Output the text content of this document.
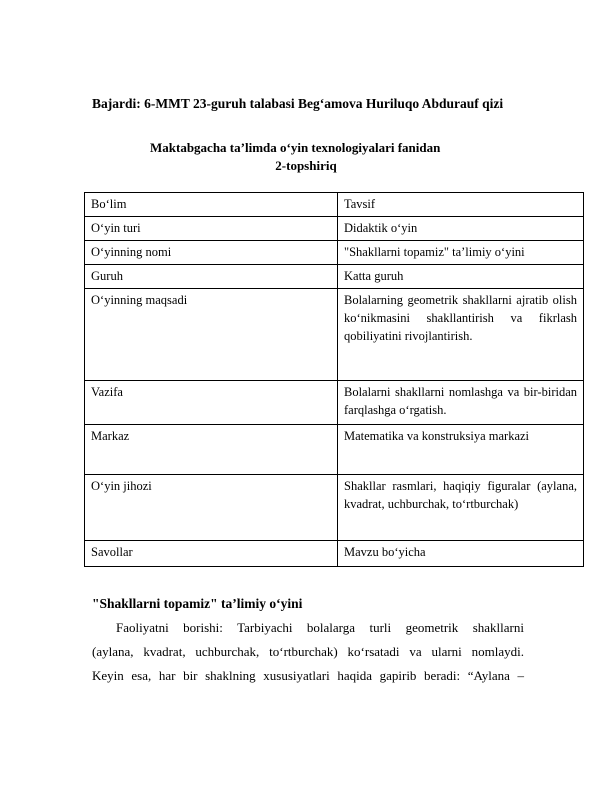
Bajardi: 6-MMT 23-guruh talabasi Beg‘amova Huriluqo Abdurauf qizi
Maktabgacha ta’limda o‘yin texnologiyalari fanidan
2-topshiriq
Bo‘lim	Tavsif
O‘yin turi	Didaktik o‘yin
O‘yinning nomi	"Shakllarni topamiz" ta’limiy o‘yini
Guruh	Katta guruh
O‘yinning maqsadi	Bolalarning geometrik shakllarni ajratib olish ko‘nikmasini shakllantirish va fikrlash qobiliyatini rivojlantirish.
Vazifa	Bolalarni shakllarni nomlashga va bir-biridan farqlashga o‘rgatish.
Markaz	Matematika va konstruksiya markazi
O‘yin jihozi	Shakllar rasmlari, haqiqiy figuralar (aylana, kvadrat, uchburchak, to‘rtburchak)
Savollar	Mavzu bo‘yicha
"Shakllarni topamiz" ta’limiy o‘yini
Faoliyatni borishi: Tarbiyachi bolalarga turli geometrik shakllarni
(aylana, kvadrat, uchburchak, to‘rtburchak) ko‘rsatadi va ularni nomlaydi.
Keyin esa, har bir shaklning xususiyatlari haqida gapirib beradi: “Aylana –
